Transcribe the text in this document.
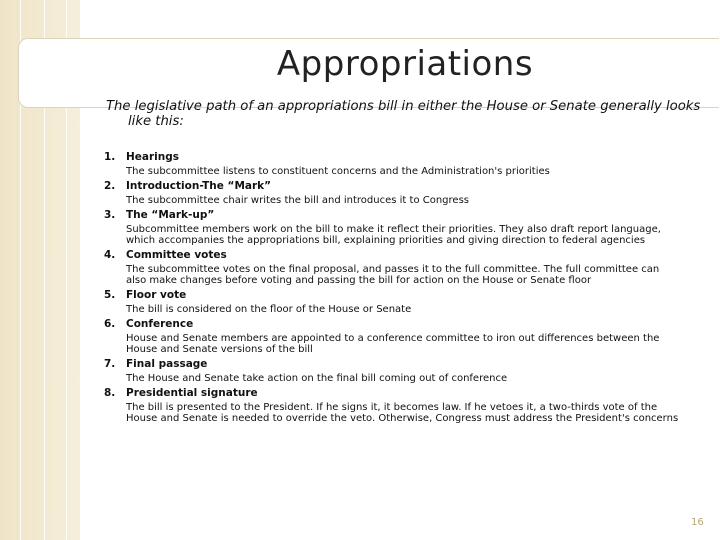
Appropriations
The legislative path of an appropriations bill in either the House or Senate generally looks like this:
1. Hearings
The subcommittee listens to constituent concerns and the Administration's priorities
2. Introduction-The “Mark”
The subcommittee chair writes the bill and introduces it to Congress
3. The “Mark-up”
Subcommittee members work on the bill to make it reflect their priorities. They also draft report language, which accompanies the appropriations bill, explaining priorities and giving direction to federal agencies
4. Committee votes
The subcommittee votes on the final proposal, and passes it to the full committee. The full committee can also make changes before voting and passing the bill for action on the House or Senate floor
5. Floor vote
The bill is considered on the floor of the House or Senate
6. Conference
House and Senate members are appointed to a conference committee to iron out differences between the House and Senate versions of the bill
7. Final passage
The House and Senate take action on the final bill coming out of conference
8. Presidential signature
The bill is presented to the President. If he signs it, it becomes law. If he vetoes it, a two-thirds vote of the House and Senate is needed to override the veto. Otherwise, Congress must address the President's concerns
16
